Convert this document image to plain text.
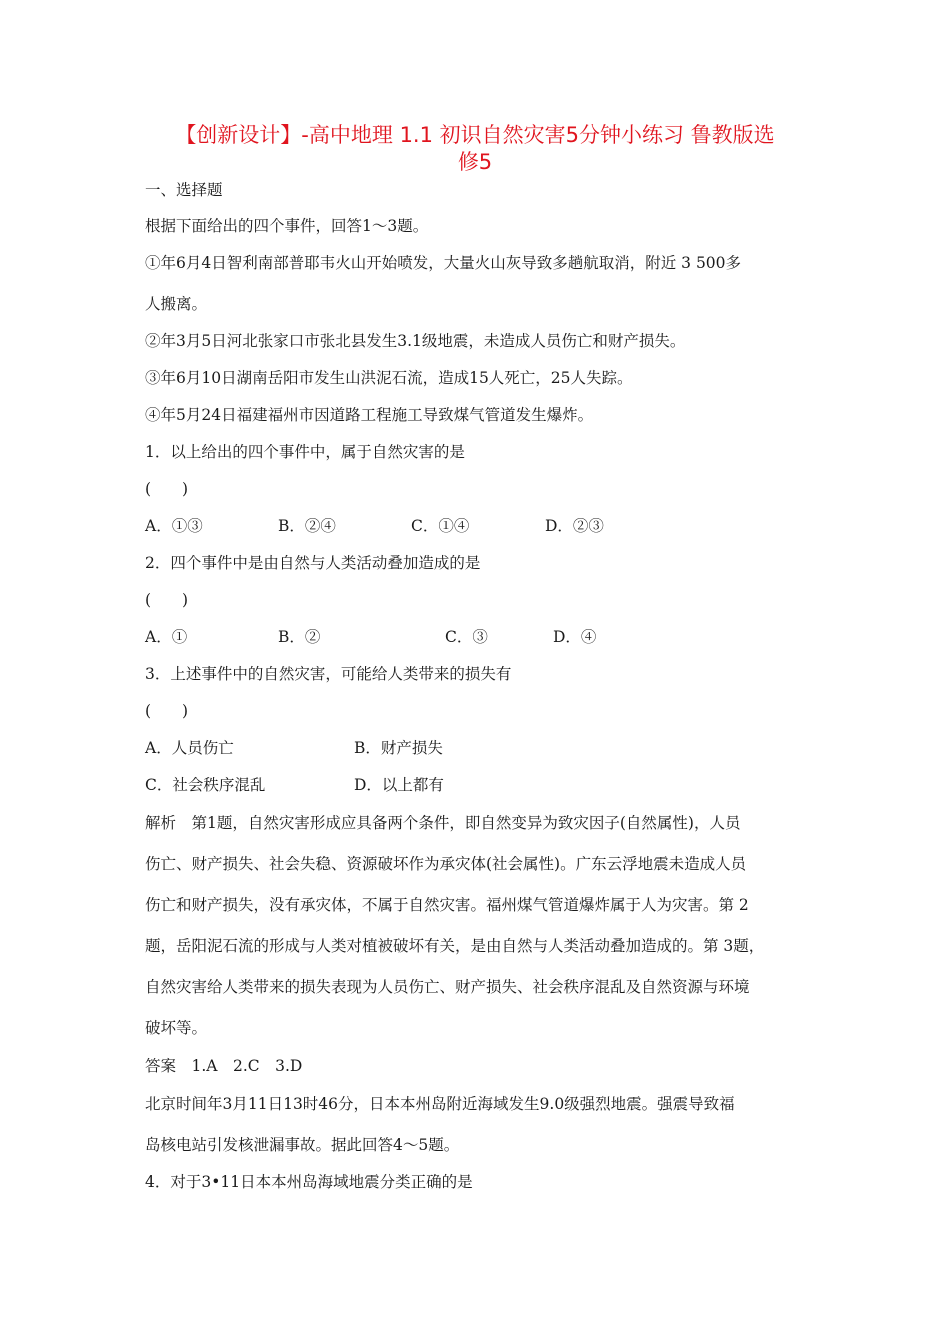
【创新设计】-高中地理 1.1 初识自然灾害5分钟小练习 鲁教版选
修5
一、选择题
根据下面给出的四个事件，回答1～3题。
①年6月4日智利南部普耶韦火山开始喷发，大量火山灰导致多趟航取消，附近 3 500多
人搬离。
②年3月5日河北张家口市张北县发生3.1级地震，未造成人员伤亡和财产损失。
③年6月10日湖南岳阳市发生山洪泥石流，造成15人死亡，25人失踪。
④年5月24日福建福州市因道路工程施工导致煤气管道发生爆炸。
1．以上给出的四个事件中，属于自然灾害的是
(　　)
A．①③	B．②④	C．①④	D．②③
2．四个事件中是由自然与人类活动叠加造成的是
(　　)
A．①	B．②	C．③	D．④
3．上述事件中的自然灾害，可能给人类带来的损失有
(　　)
A．人员伤亡	B．财产损失
C．社会秩序混乱	D．以上都有
解析　第1题，自然灾害形成应具备两个条件，即自然变异为致灾因子(自然属性)，人员
伤亡、财产损失、社会失稳、资源破坏作为承灾体(社会属性)。广东云浮地震未造成人员
伤亡和财产损失，没有承灾体，不属于自然灾害。福州煤气管道爆炸属于人为灾害。第 2
题，岳阳泥石流的形成与人类对植被破坏有关，是由自然与人类活动叠加造成的。第 3题，
自然灾害给人类带来的损失表现为人员伤亡、财产损失、社会秩序混乱及自然资源与环境
破坏等。
答案　1.A　2.C　3.D
北京时间年3月11日13时46分，日本本州岛附近海域发生9.0级强烈地震。强震导致福
岛核电站引发核泄漏事故。据此回答4～5题。
4．对于3•11日本本州岛海域地震分类正确的是
